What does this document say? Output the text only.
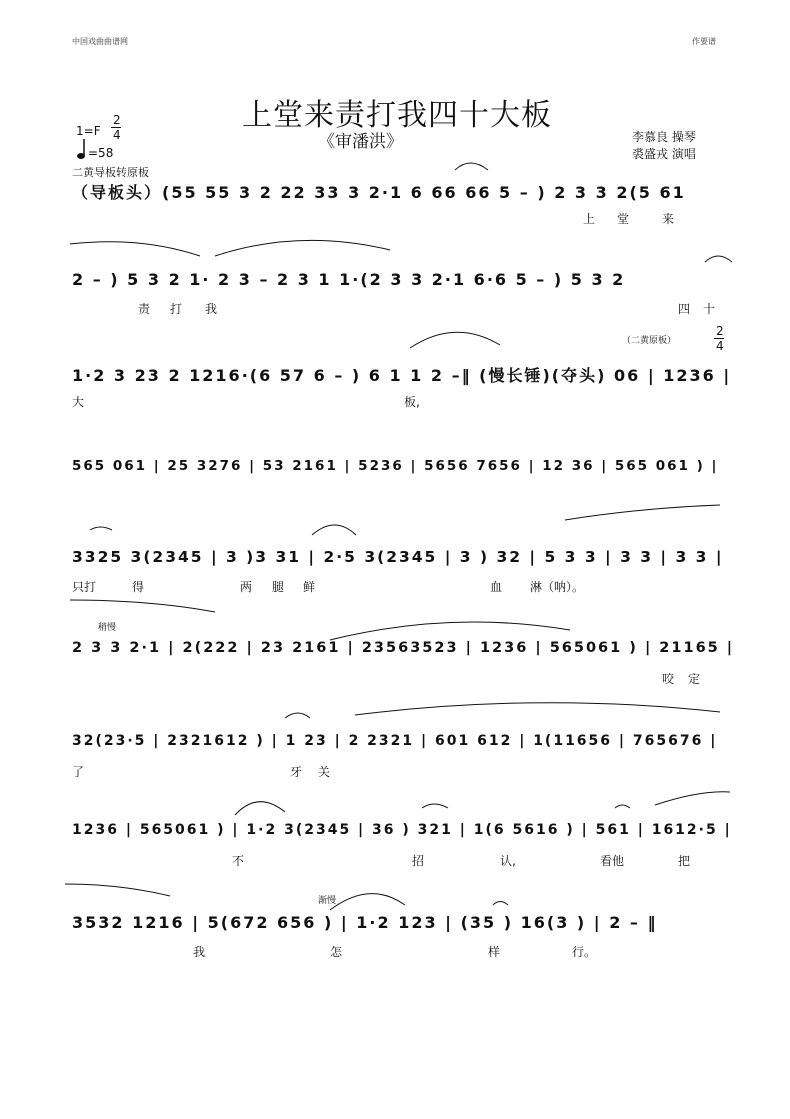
中国戏曲曲谱网	作要谱
上堂来责打我四十大板
《审潘洪》
1=F
2
4
=58
李慕良 操琴
裘盛戎 演唱
二黄导板转原板
（二黄原板）
2
4
稍慢
渐慢
（导板头）(55 55 3 2 22 33 3 2·1 6 66 66 5 – ) 2 3 3 2(5 61
上 堂	来
2 – ) 5 3 2 1· 2 3 – 2 3 1 1·(2 3 3 2·1 6·6 5 – ) 5 3 2
责 打 我	四 十
1·2 3 23 2 1216·(6 57 6 – ) 6 1 1 2 –‖ (慢长锤)(夺头) 06 | 1236 |
大	板,
565 061 | 25 3276 | 53 2161 | 5236 | 5656 7656 | 12 36 | 565 061 ) |
3325 3(2345 | 3 )3 31 | 2·5 3(2345 | 3 ) 32 | 5 3 3 | 3 3 | 3 3 |
只打	得	两 腿 鲜	血 淋（呐）。
2 3 3 2·1 | 2(222 | 23 2161 | 23563523 | 1236 | 565061 ) | 21165 |
咬 定
32(23·5 | 2321612 ) | 1 23 | 2 2321 | 601 612 | 1(11656 | 765676 |
了	牙 关
1236 | 565061 ) | 1·2 3(2345 | 36 ) 321 | 1(6 5616 ) | 561 | 1612·5 |
不	招	认,	看他	把
3532 1216 | 5(672 656 ) | 1·2 123 | (35 ) 16(3 ) | 2 – ‖
我	怎	样	行。
